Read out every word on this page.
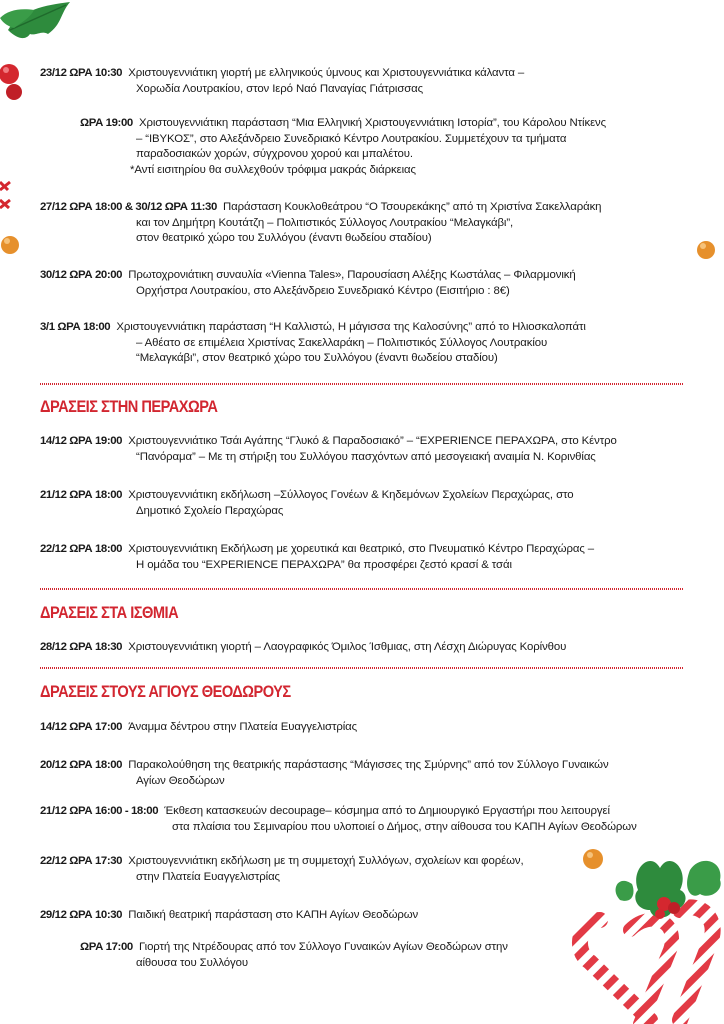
23/12 ΩΡΑ 10:30 Χριστουγεννιάτικη γιορτή με ελληνικούς ύμνους και Χριστουγεννιάτικα κάλαντα –
Χορωδία Λουτρακίου, στον Ιερό Ναό Παναγίας Γιάτρισσας
ΩΡΑ 19:00 Χριστουγεννιάτικη παράσταση “Μια Ελληνική Χριστουγεννιάτικη Ιστορία”, του Κάρολου Ντίκενς
– “ΙΒΥΚΟΣ”, στο Αλεξάνδρειο Συνεδριακό Κέντρο Λουτρακίου. Συμμετέχουν τα τμήματα
παραδοσιακών χορών, σύγχρονου χορού και μπαλέτου.
*Αντί εισιτηρίου θα συλλεχθούν τρόφιμα μακράς διάρκειας
27/12 ΩΡΑ 18:00 & 30/12 ΩΡΑ 11:30 Παράσταση Κουκλοθεάτρου “Ο Τσουρεκάκης” από τη Χριστίνα Σακελλαράκη
και τον Δημήτρη Κουτάτζη – Πολιτιστικός Σύλλογος Λουτρακίου “Μελαγκάβι”,
στον θεατρικό χώρο του Συλλόγου (έναντι θωδείου σταδίου)
30/12 ΩΡΑ 20:00 Πρωτοχρονιάτικη συναυλία «Vienna Tales», Παρουσίαση Αλέξης Κωστάλας – Φιλαρμονική
Ορχήστρα Λουτρακίου, στο Αλεξάνδρειο Συνεδριακό Κέντρο (Εισιτήριο : 8€)
3/1 ΩΡΑ 18:00 Χριστουγεννιάτικη παράσταση “Η Καλλιστώ, Η μάγισσα της Καλοσύνης” από το Ηλιοσκαλοπάτι
– Αθέατο σε επιμέλεια Χριστίνας Σακελλαράκη – Πολιτιστικός Σύλλογος Λουτρακίου
“Μελαγκάβι”, στον θεατρικό χώρο του Συλλόγου (έναντι θωδείου σταδίου)
ΔΡΑΣΕΙΣ ΣΤΗΝ ΠΕΡΑΧΩΡΑ
14/12 ΩΡΑ 19:00 Χριστουγεννιάτικο Τσάι Αγάπης “Γλυκό & Παραδοσιακό” – “EXPERIENCE ΠΕΡΑΧΩΡΑ, στο Κέντρο
“Πανόραμα” – Με τη στήριξη του Συλλόγου πασχόντων από μεσογειακή αναιμία Ν. Κορινθίας
21/12 ΩΡΑ 18:00 Χριστουγεννιάτικη εκδήλωση –Σύλλογος Γονέων & Κηδεμόνων Σχολείων Περαχώρας, στο
Δημοτικό Σχολείο Περαχώρας
22/12 ΩΡΑ 18:00 Χριστουγεννιάτικη Εκδήλωση με χορευτικά και θεατρικό, στο Πνευματικό Κέντρο Περαχώρας –
Η ομάδα του “EXPERIENCE ΠΕΡΑΧΩΡΑ” θα προσφέρει ζεστό κρασί & τσάι
ΔΡΑΣΕΙΣ ΣΤΑ ΙΣΘΜΙΑ
28/12 ΩΡΑ 18:30 Χριστουγεννιάτικη γιορτή – Λαογραφικός Όμιλος Ίσθμιας, στη Λέσχη Διώρυγας Κορίνθου
ΔΡΑΣΕΙΣ ΣΤΟΥΣ ΑΓΙΟΥΣ ΘΕΟΔΩΡΟΥΣ
14/12 ΩΡΑ 17:00 Άναμμα δέντρου στην Πλατεία Ευαγγελιστρίας
20/12 ΩΡΑ 18:00 Παρακολούθηση της θεατρικής παράστασης “Μάγισσες της Σμύρνης” από τον Σύλλογο Γυναικών
Αγίων Θεοδώρων
21/12 ΩΡΑ 16:00 - 18:00 Έκθεση κατασκευών decoupage– κόσμημα από το Δημιουργικό Εργαστήρι που λειτουργεί
στα πλαίσια του Σεμιναρίου που υλοποιεί ο Δήμος, στην αίθουσα του ΚΑΠΗ Αγίων Θεοδώρων
22/12 ΩΡΑ 17:30 Χριστουγεννιάτικη εκδήλωση με τη συμμετοχή Συλλόγων, σχολείων και φορέων,
στην Πλατεία Ευαγγελιστρίας
29/12 ΩΡΑ 10:30 Παιδική θεατρική παράσταση στο ΚΑΠΗ Αγίων Θεοδώρων
ΩΡΑ 17:00 Γιορτή της Ντρέδουρας από τον Σύλλογο Γυναικών Αγίων Θεοδώρων στην
αίθουσα του Συλλόγου
